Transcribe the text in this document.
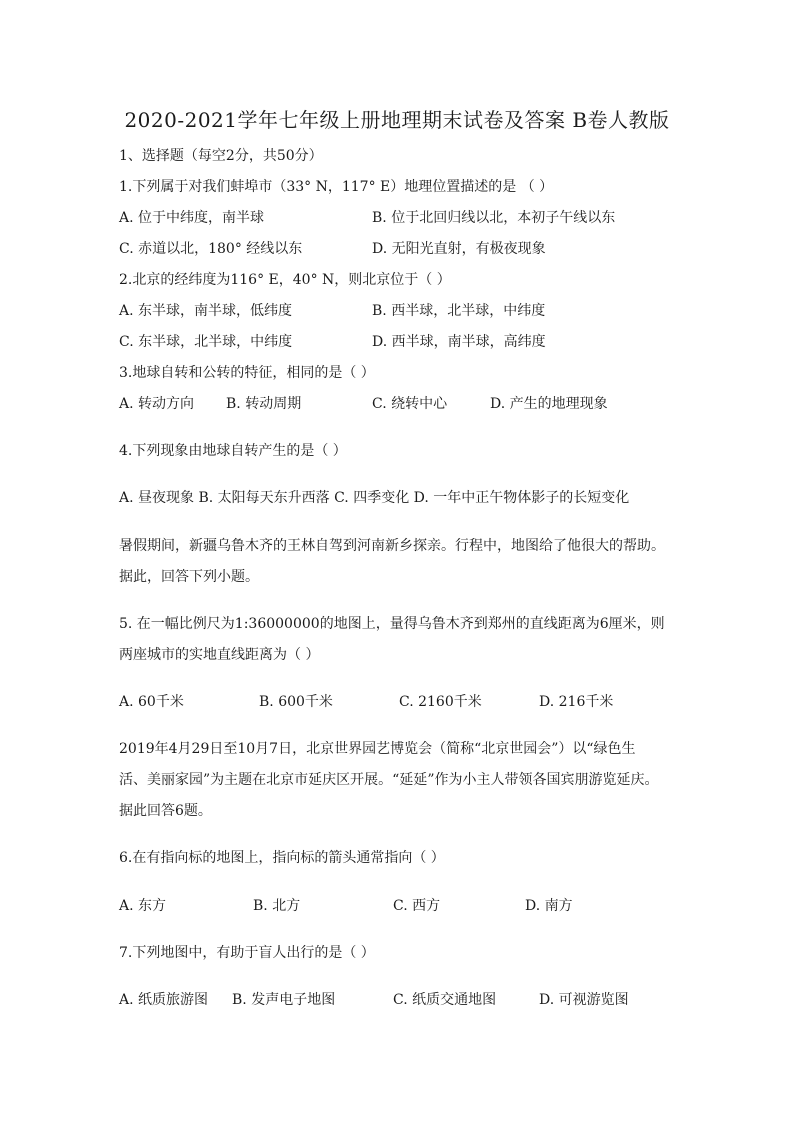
2020-2021学年七年级上册地理期末试卷及答案 B卷人教版
1、选择题（每空2分，共50分）
1.下列属于对我们蚌埠市（33° N，117° E）地理位置描述的是 （ ）
A. 位于中纬度，南半球	B. 位于北回归线以北，本初子午线以东
C. 赤道以北，180° 经线以东	D. 无阳光直射，有极夜现象
2.北京的经纬度为116° E，40° N，则北京位于（ ）
A. 东半球，南半球，低纬度	B. 西半球，北半球，中纬度
C. 东半球，北半球，中纬度	D. 西半球，南半球，高纬度
3.地球自转和公转的特征，相同的是（ ）
A. 转动方向 B. 转动周期	C. 绕转中心	D. 产生的地理现象
4.下列现象由地球自转产生的是（ ）
A. 昼夜现象 B. 太阳每天东升西落 C. 四季变化 D. 一年中正午物体影子的长短变化
暑假期间，新疆乌鲁木齐的王林自驾到河南新乡探亲。行程中，地图给了他很大的帮助。
据此，回答下列小题。
5. 在一幅比例尺为1:36000000的地图上，量得乌鲁木齐到郑州的直线距离为6厘米，则
两座城市的实地直线距离为（ ）
A. 60千米	B. 600千米	C. 2160千米	D. 216千米
2019年4月29日至10月7日，北京世界园艺博览会（简称“北京世园会”）以“绿色生
活、美丽家园”为主题在北京市延庆区开展。“延延”作为小主人带领各国宾朋游览延庆。
据此回答6题。
6.在有指向标的地图上，指向标的箭头通常指向（ ）
A. 东方	B. 北方	C. 西方	D. 南方
7.下列地图中，有助于盲人出行的是（ ）
A. 纸质旅游图 B. 发声电子地图	C. 纸质交通地图	D. 可视游览图
